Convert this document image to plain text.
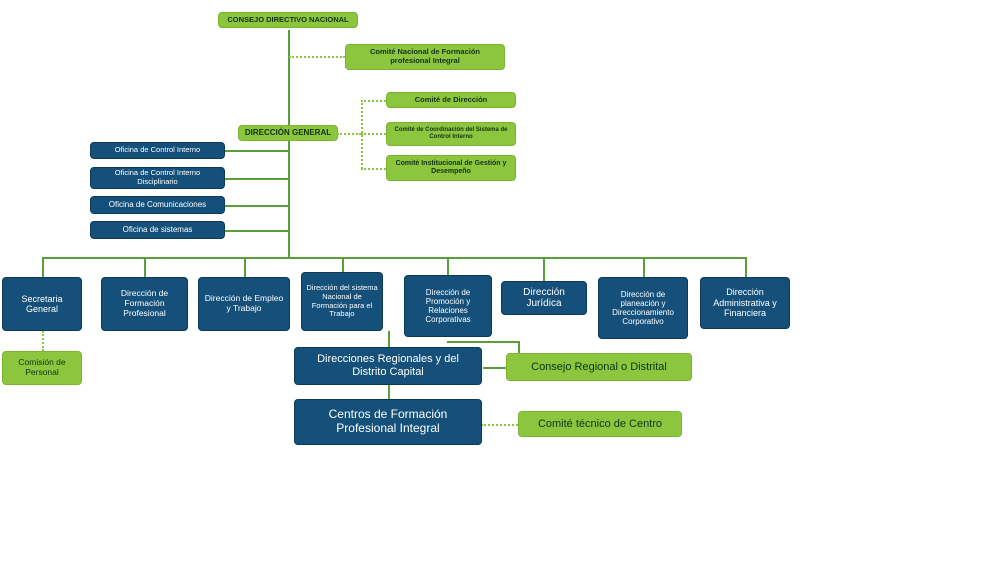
CONSEJO DIRECTIVO NACIONAL
Comité Nacional de Formación profesional Integral
DIRECCIÓN GENERAL
Comité de Dirección
Comité de Coordinación del Sistema de Control Interno
Comité Institucional de Gestión y Desempeño
Oficina de Control Interno
Oficina de Control Interno Disciplinario
Oficina de Comunicaciones
Oficina de sistemas
Secretaria General
Comisión de Personal
Dirección de Formación Profesional
Dirección de Empleo y Trabajo
Dirección del sistema Nacional de Formación para el Trabajo
Dirección de Promoción y Relaciones Corporativas
Dirección Jurídica
Dirección de planeación y Direccionamiento Corporativo
Dirección Administrativa y Financiera
Direcciones Regionales y del Distrito Capital	Consejo Regional o Distrital
Centros de Formación Profesional Integral	Comité técnico de Centro
